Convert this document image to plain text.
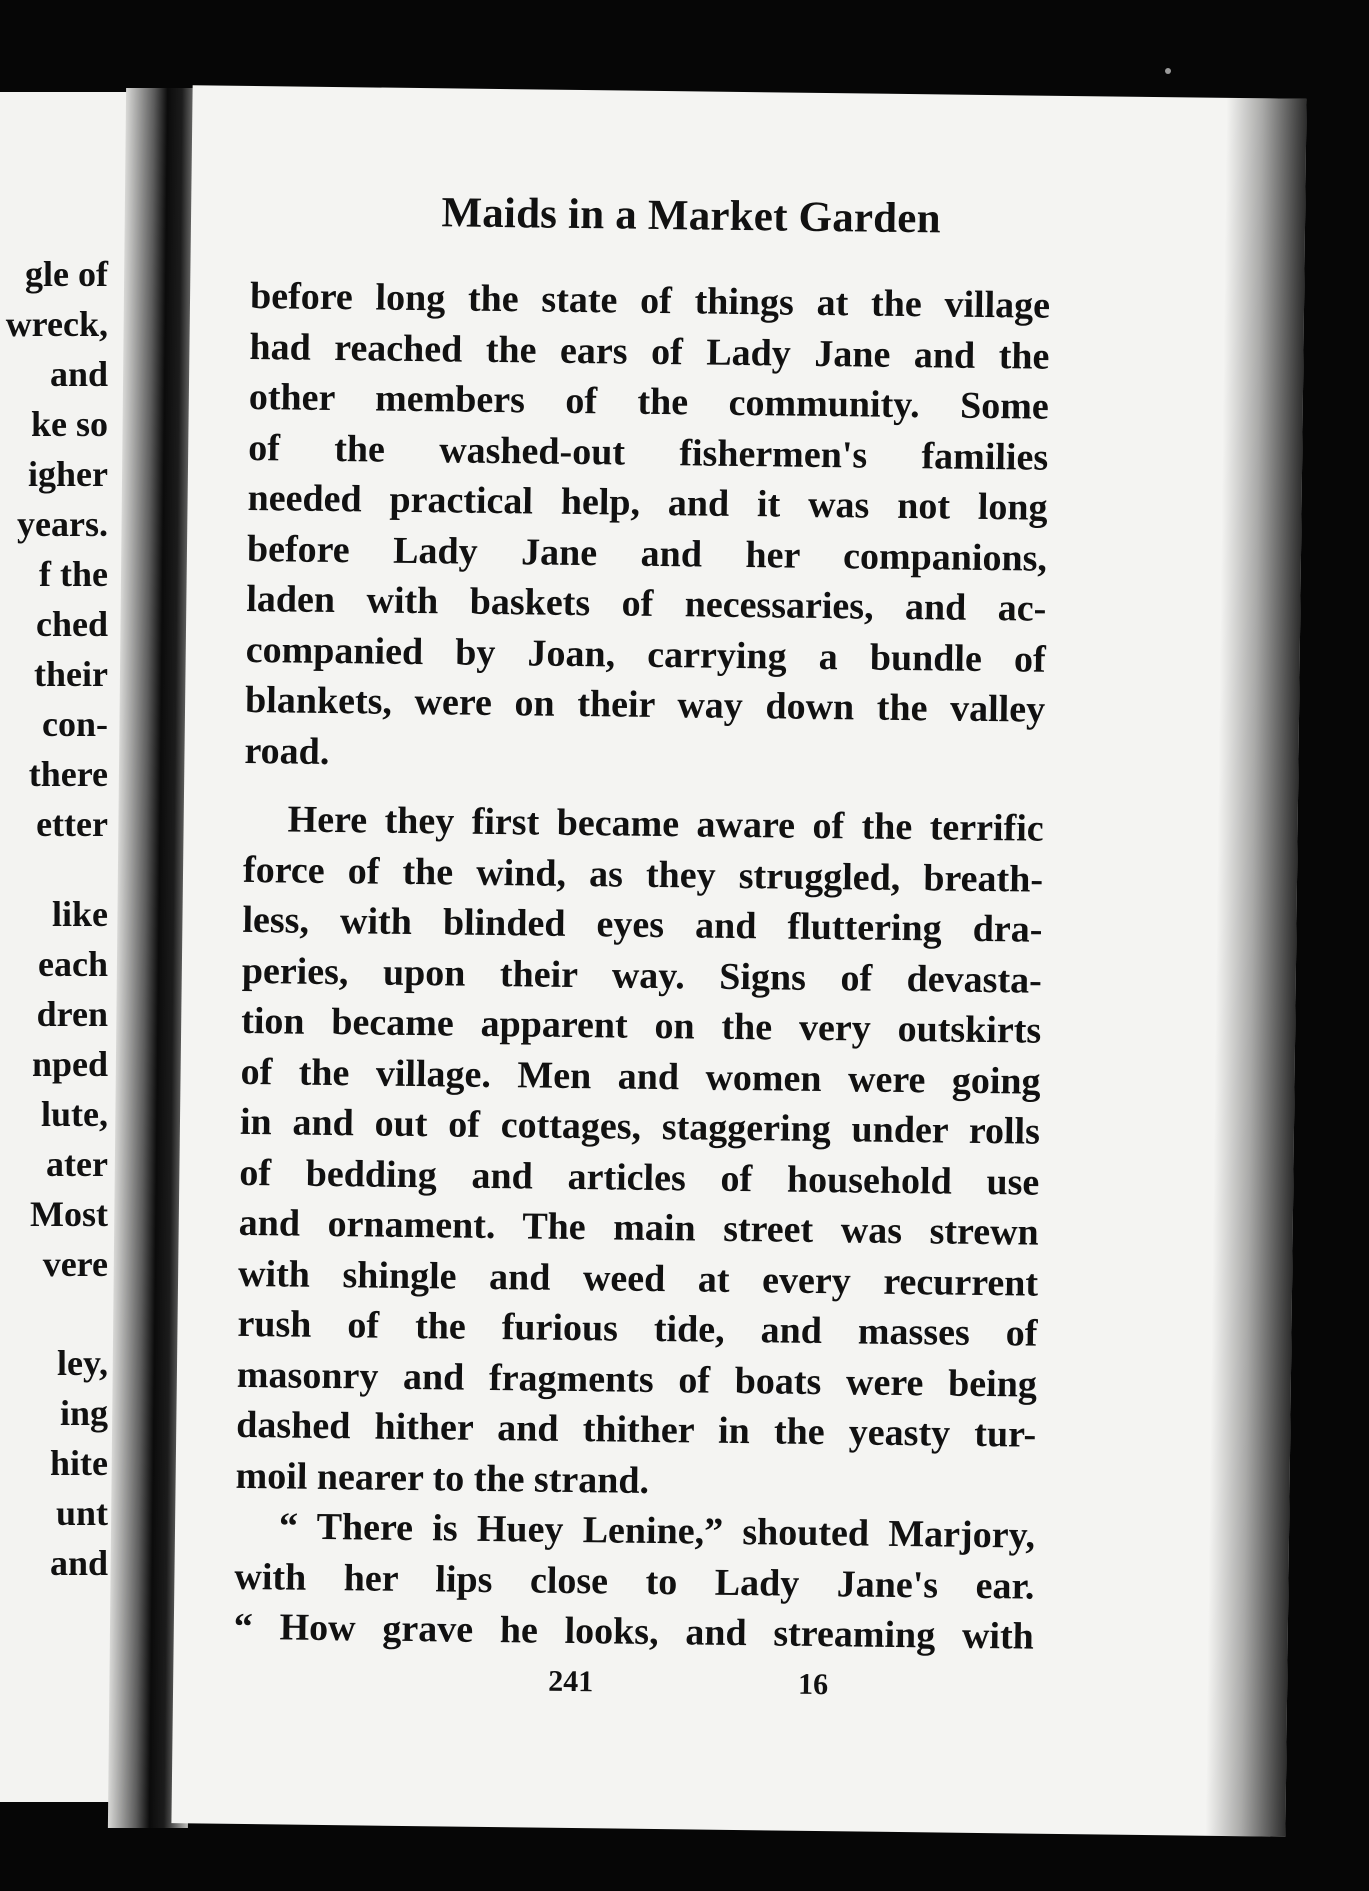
gle of
wreck,
and
ke so
igher
years.
f the
ched
their
con-
there
etter
like
each
dren
nped
lute,
ater
Most
vere
ley,
ing
hite
unt
and
Maids in a Market Garden
before long the state of things at the village
had reached the ears of Lady Jane and the
other members of the community. Some
of the washed-out fishermen's families
needed practical help, and it was not long
before Lady Jane and her companions,
laden with baskets of necessaries, and ac-
companied by Joan, carrying a bundle of
blankets, were on their way down the valley
road.
Here they first became aware of the terrific
force of the wind, as they struggled, breath-
less, with blinded eyes and fluttering dra-
peries, upon their way. Signs of devasta-
tion became apparent on the very outskirts
of the village. Men and women were going
in and out of cottages, staggering under rolls
of bedding and articles of household use
and ornament. The main street was strewn
with shingle and weed at every recurrent
rush of the furious tide, and masses of
masonry and fragments of boats were being
dashed hither and thither in the yeasty tur-
moil nearer to the strand.
“ There is Huey Lenine,” shouted Marjory,
with her lips close to Lady Jane's ear.
“ How grave he looks, and streaming with
241	16
